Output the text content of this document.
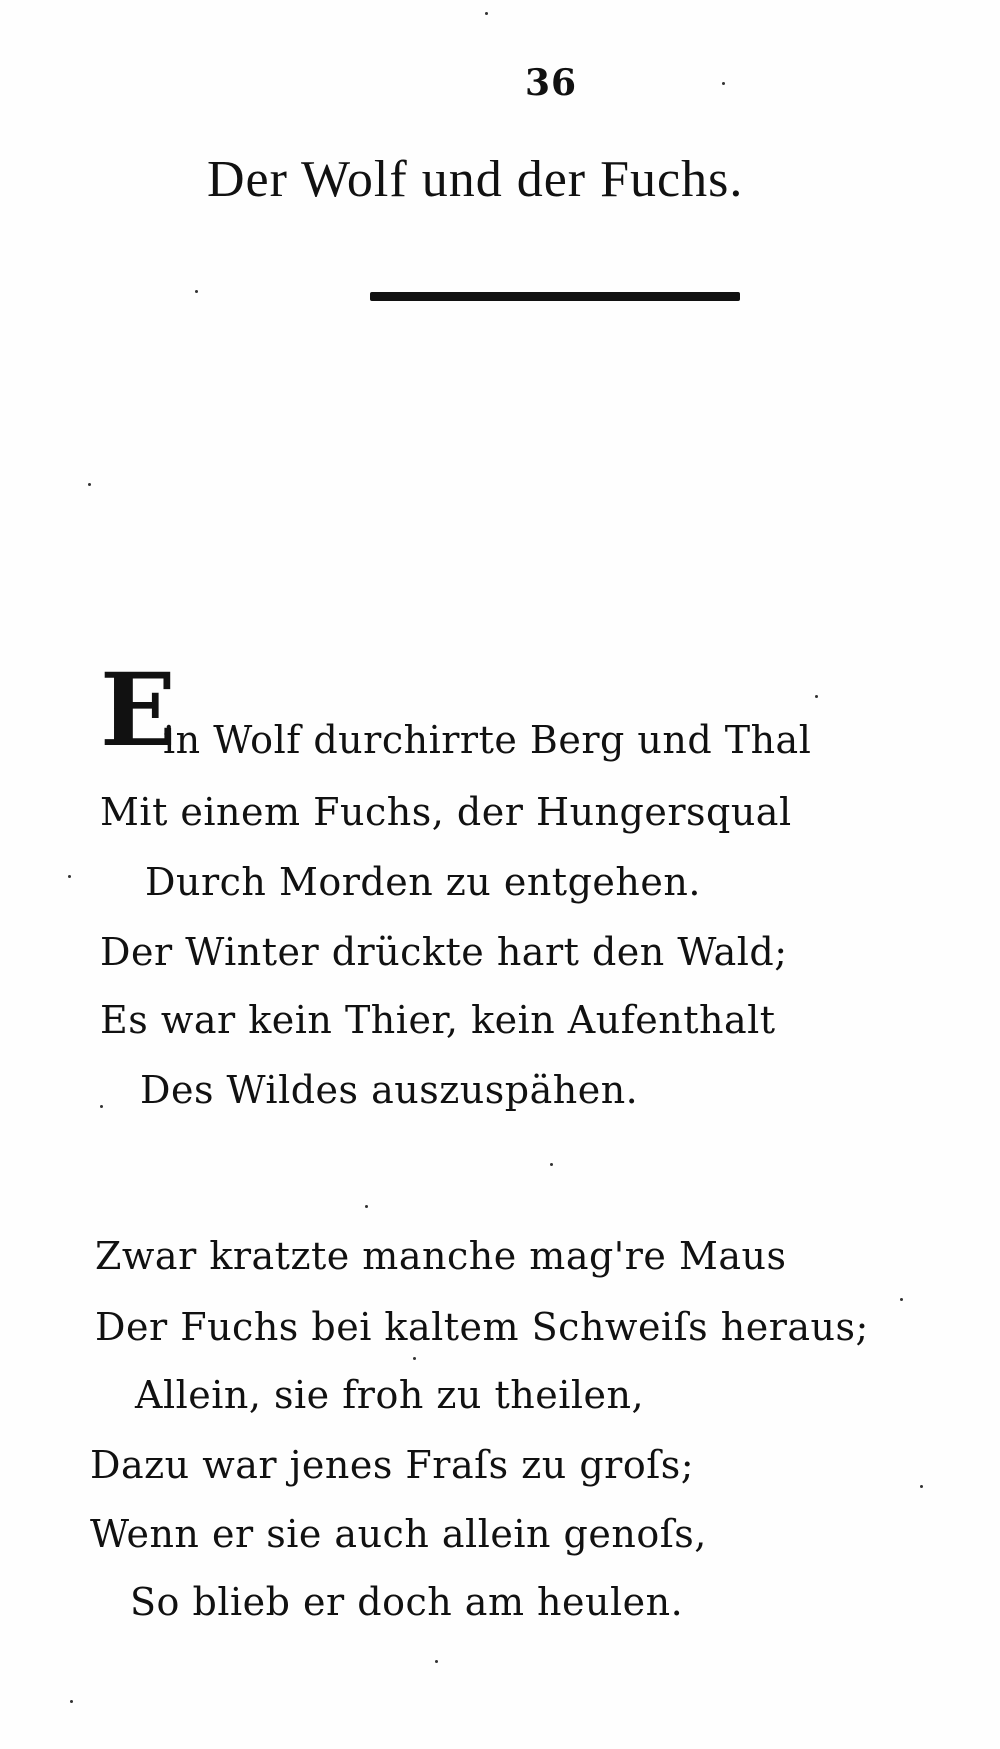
36
Der Wolf und der Fuchs.
E
in Wolf durchirrte Berg und Thal
Mit einem Fuchs, der Hungersqual
Durch Morden zu entgehen.
Der Winter drückte hart den Wald;
Es war kein Thier, kein Aufenthalt
Des Wildes auszuspähen.
Zwar kratzte manche mag're Maus
Der Fuchs bei kaltem Schweiſs heraus;
Allein, sie froh zu theilen,
Dazu war jenes Fraſs zu groſs;
Wenn er sie auch allein genoſs,
So blieb er doch am heulen.
